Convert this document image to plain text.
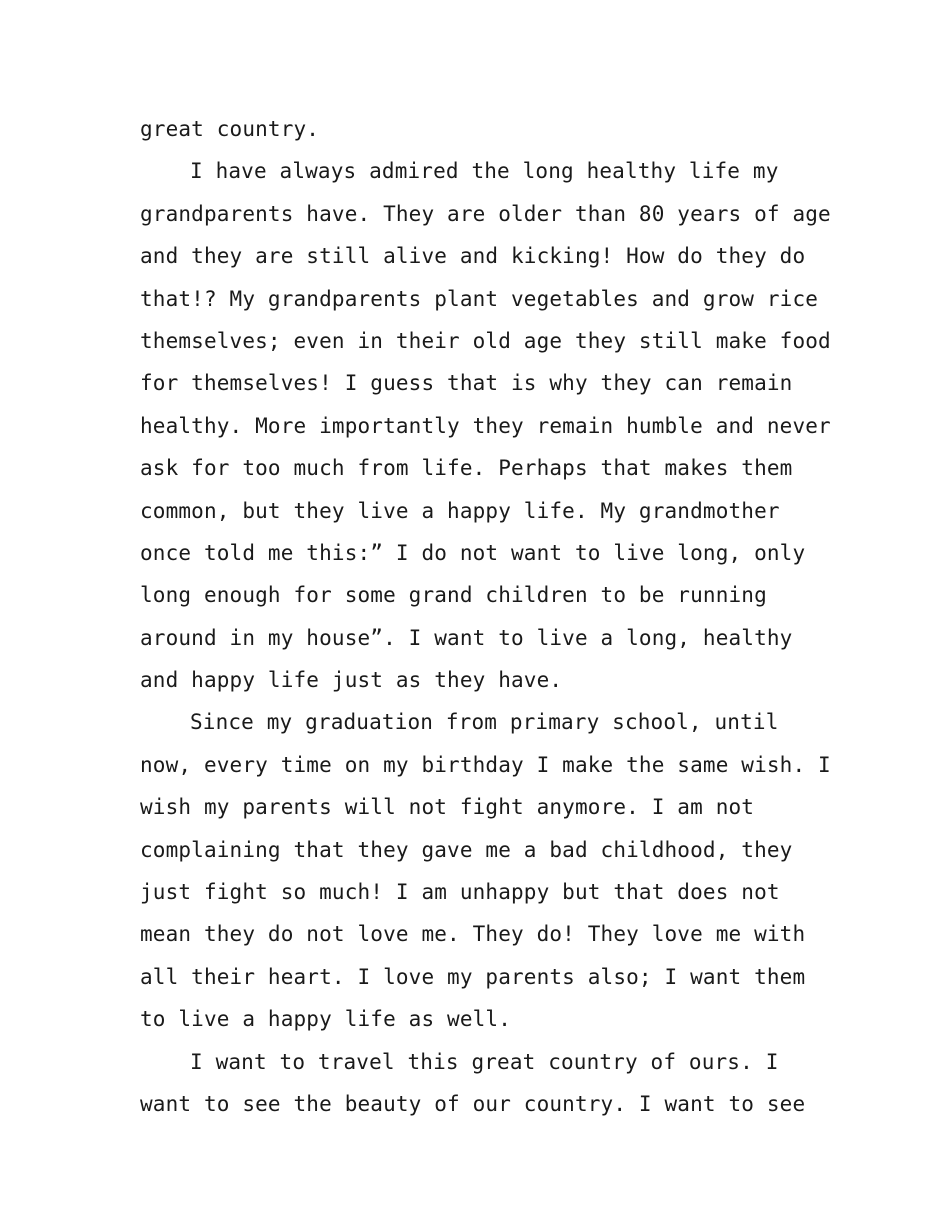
great country.
I have always admired the long healthy life my
grandparents have. They are older than 80 years of age
and they are still alive and kicking! How do they do
that!? My grandparents plant vegetables and grow rice
themselves; even in their old age they still make food
for themselves! I guess that is why they can remain
healthy. More importantly they remain humble and never
ask for too much from life. Perhaps that makes them
common, but they live a happy life. My grandmother
once told me this:” I do not want to live long, only
long enough for some grand children to be running
around in my house”. I want to live a long, healthy
and happy life just as they have.
Since my graduation from primary school, until
now, every time on my birthday I make the same wish. I
wish my parents will not fight anymore. I am not
complaining that they gave me a bad childhood, they
just fight so much! I am unhappy but that does not
mean they do not love me. They do! They love me with
all their heart. I love my parents also; I want them
to live a happy life as well.
I want to travel this great country of ours. I
want to see the beauty of our country. I want to see
